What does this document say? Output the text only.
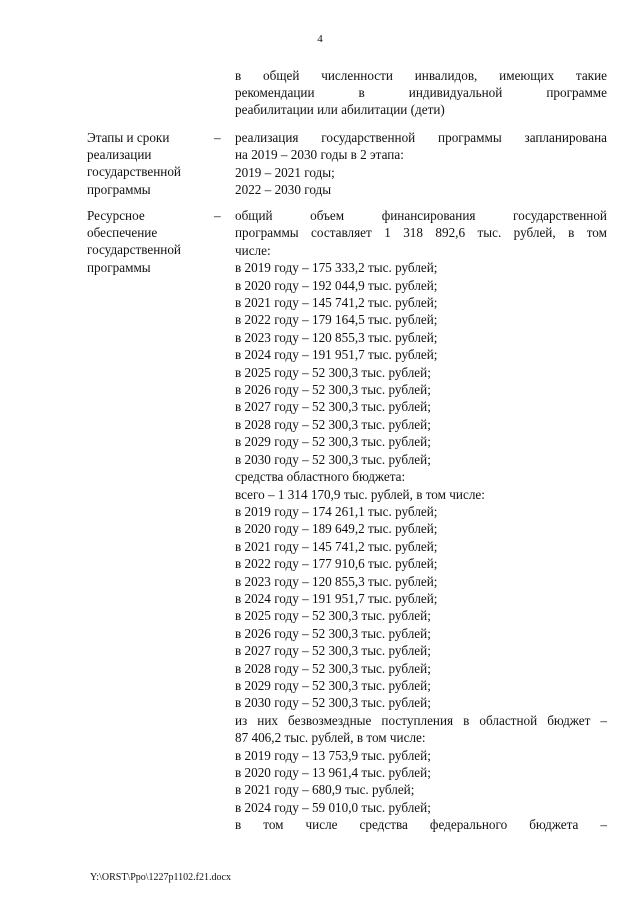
4
в общей численности инвалидов, имеющих такие
рекомендации в индивидуальной программе
реабилитации или абилитации (дети)
Этапы и сроки
реализации
государственной
программы
–	реализация государственной программы запланирована
на 2019 – 2030 годы в 2 этапа:
2019 – 2021 годы;
2022 – 2030 годы
Ресурсное
обеспечение
государственной
программы
–	общий объем финансирования государственной
программы составляет 1 318 892,6 тыс. рублей, в том
числе:
в 2019 году – 175 333,2 тыс. рублей;
в 2020 году – 192 044,9 тыс. рублей;
в 2021 году – 145 741,2 тыс. рублей;
в 2022 году – 179 164,5 тыс. рублей;
в 2023 году – 120 855,3 тыс. рублей;
в 2024 году – 191 951,7 тыс. рублей;
в 2025 году – 52 300,3 тыс. рублей;
в 2026 году – 52 300,3 тыс. рублей;
в 2027 году – 52 300,3 тыс. рублей;
в 2028 году – 52 300,3 тыс. рублей;
в 2029 году – 52 300,3 тыс. рублей;
в 2030 году – 52 300,3 тыс. рублей;
средства областного бюджета:
всего – 1 314 170,9 тыс. рублей, в том числе:
в 2019 году – 174 261,1 тыс. рублей;
в 2020 году – 189 649,2 тыс. рублей;
в 2021 году – 145 741,2 тыс. рублей;
в 2022 году – 177 910,6 тыс. рублей;
в 2023 году – 120 855,3 тыс. рублей;
в 2024 году – 191 951,7 тыс. рублей;
в 2025 году – 52 300,3 тыс. рублей;
в 2026 году – 52 300,3 тыс. рублей;
в 2027 году – 52 300,3 тыс. рублей;
в 2028 году – 52 300,3 тыс. рублей;
в 2029 году – 52 300,3 тыс. рублей;
в 2030 году – 52 300,3 тыс. рублей;
из них безвозмездные поступления в областной бюджет –
87 406,2 тыс. рублей, в том числе:
в 2019 году – 13 753,9 тыс. рублей;
в 2020 году – 13 961,4 тыс. рублей;
в 2021 году – 680,9 тыс. рублей;
в 2024 году – 59 010,0 тыс. рублей;
в том числе средства федерального бюджета –
Y:\ORST\Ppo\1227p1102.f21.docx
